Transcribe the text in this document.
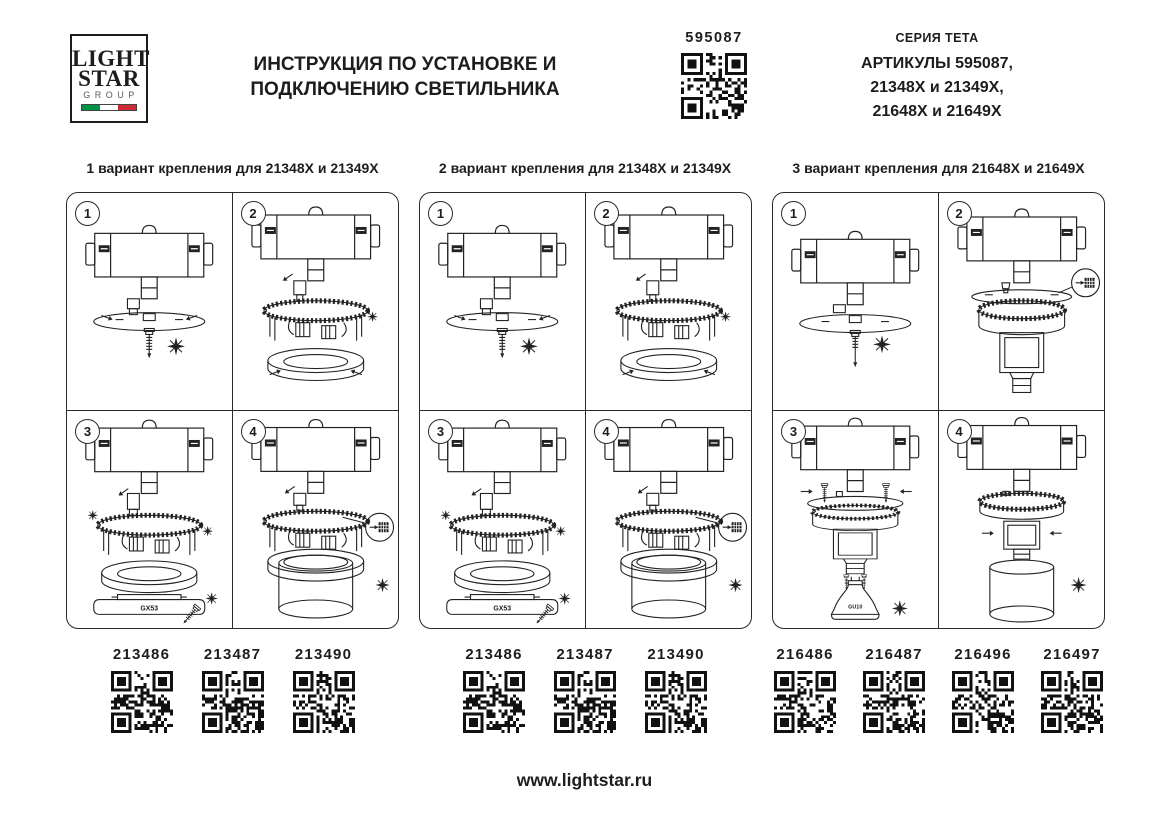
LIGHT
STAR
GROUP
ИНСТРУКЦИЯ ПО УСТАНОВКЕ И
ПОДКЛЮЧЕНИЮ СВЕТИЛЬНИКА
595087	СЕРИЯ ТЕТА
АРТИКУЛЫ 595087,
21348X и 21349X,
21648X и 21649X
1 вариант крепления для 21348X и 21349X	2 вариант крепления для 21348X и 21349X	3 вариант крепления для 21648X и 21649X
1	2
3
GX53
4
1	2
3
GX53
4
1	2
3
GU10
4
213486 213487 213490	213486 213487 213490	216486 216487 216496 216497
www.lightstar.ru
